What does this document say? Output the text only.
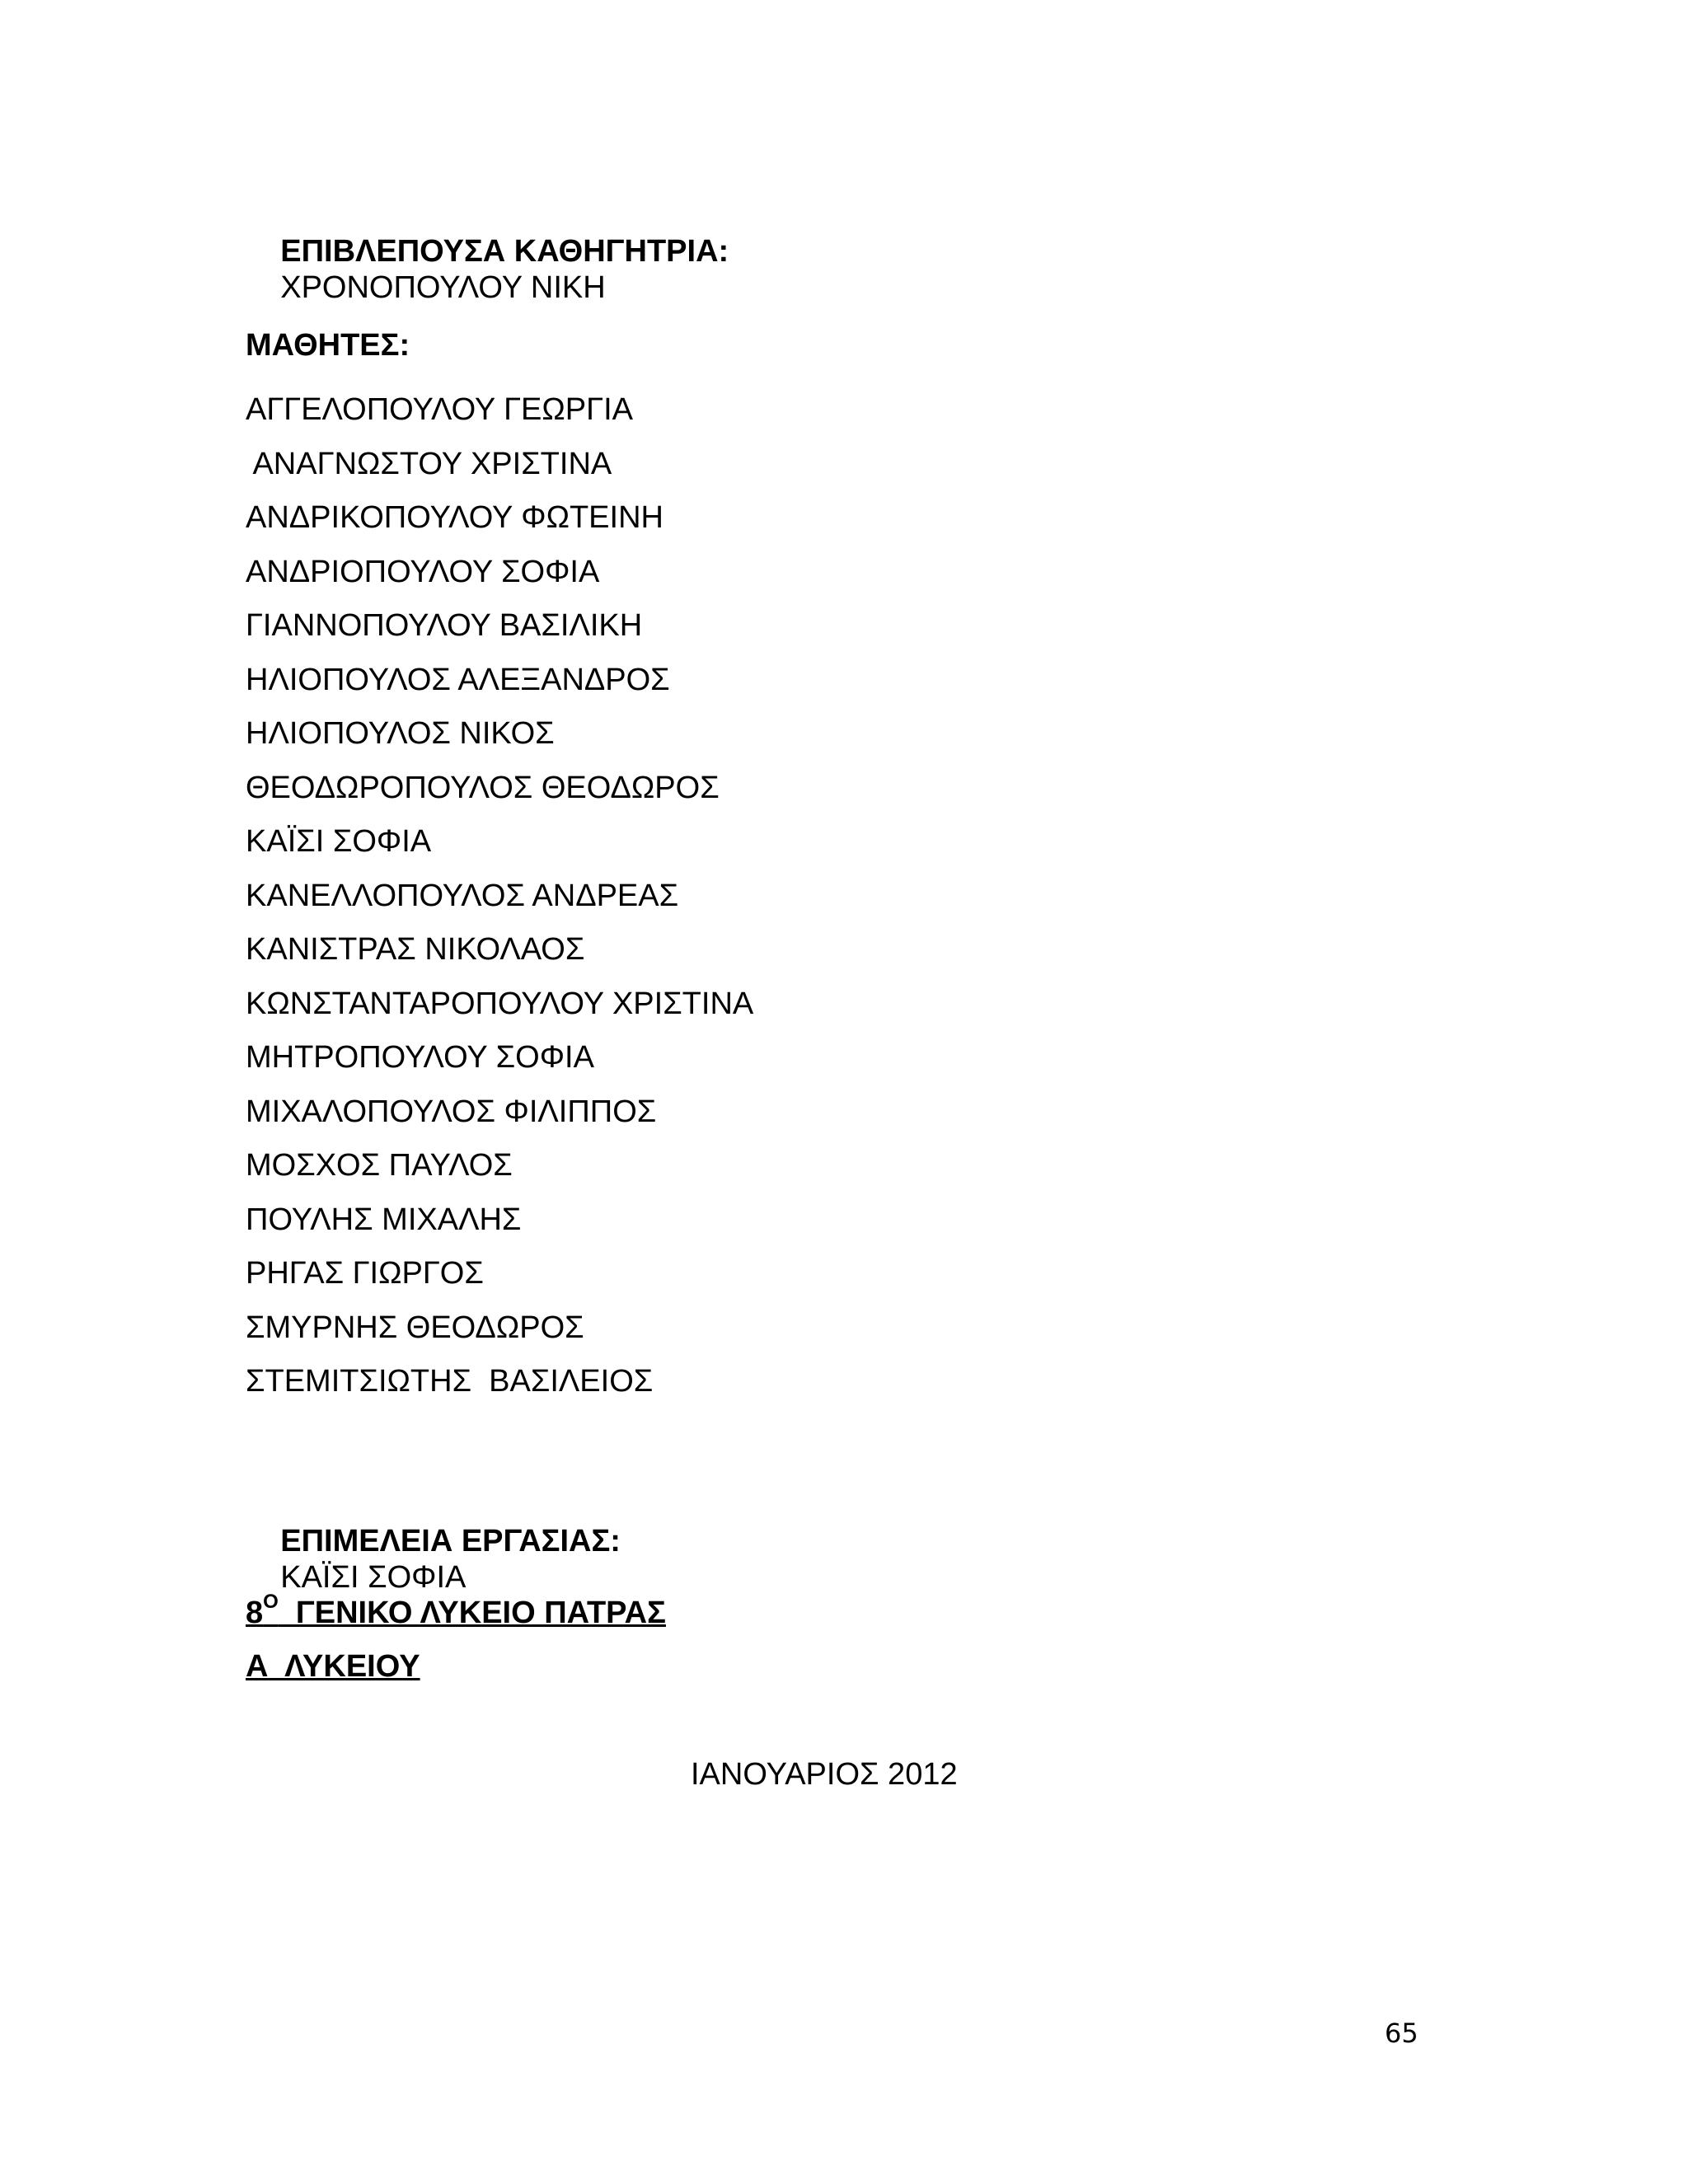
ΕΠΙΒΛΕΠΟΥΣΑ ΚΑΘΗΓΗΤΡΙΑ:
ΧΡΟΝΟΠΟΥΛΟΥ ΝΙΚΗ

ΜΑΘΗΤΕΣ:
ΑΓΓΕΛΟΠΟΥΛΟΥ ΓΕΩΡΓΙΑ
ΑΝΑΓΝΩΣΤΟΥ ΧΡΙΣΤΙΝΑ
ΑΝΔΡΙΚΟΠΟΥΛΟΥ ΦΩΤΕΙΝΗ
ΑΝΔΡΙΟΠΟΥΛΟΥ ΣΟΦΙΑ
ΓΙΑΝΝΟΠΟΥΛΟΥ ΒΑΣΙΛΙΚΗ
ΗΛΙΟΠΟΥΛΟΣ ΑΛΕΞΑΝΔΡΟΣ
ΗΛΙΟΠΟΥΛΟΣ ΝΙΚΟΣ
ΘΕΟΔΩΡΟΠΟΥΛΟΣ ΘΕΟΔΩΡΟΣ
ΚΑΪΣΙ ΣΟΦΙΑ
ΚΑΝΕΛΛΟΠΟΥΛΟΣ ΑΝΔΡΕΑΣ
ΚΑΝΙΣΤΡΑΣ ΝΙΚΟΛΑΟΣ
ΚΩΝΣΤΑΝΤΑΡΟΠΟΥΛΟΥ ΧΡΙΣΤΙΝΑ
ΜΗΤΡΟΠΟΥΛΟΥ ΣΟΦΙΑ
ΜΙΧΑΛΟΠΟΥΛΟΣ ΦΙΛΙΠΠΟΣ
ΜΟΣΧΟΣ ΠΑΥΛΟΣ
ΠΟΥΛΗΣ ΜΙΧΑΛΗΣ
ΡΗΓΑΣ ΓΙΩΡΓΟΣ
ΣΜΥΡΝΗΣ ΘΕΟΔΩΡΟΣ
ΣΤΕΜΙΤΣΙΩΤΗΣ  ΒΑΣΙΛΕΙΟΣ

ΕΠΙΜΕΛΕΙΑ ΕΡΓΑΣΙΑΣ:
ΚΑΪΣΙ ΣΟΦΙΑ

$8^O$  ΓΕΝΙΚΟ ΛΥΚΕΙΟ ΠΑΤΡΑΣ
Α  ΛΥΚΕΙΟΥ
ΙΑΝΟΥΑΡΙΟΣ 2012
65
